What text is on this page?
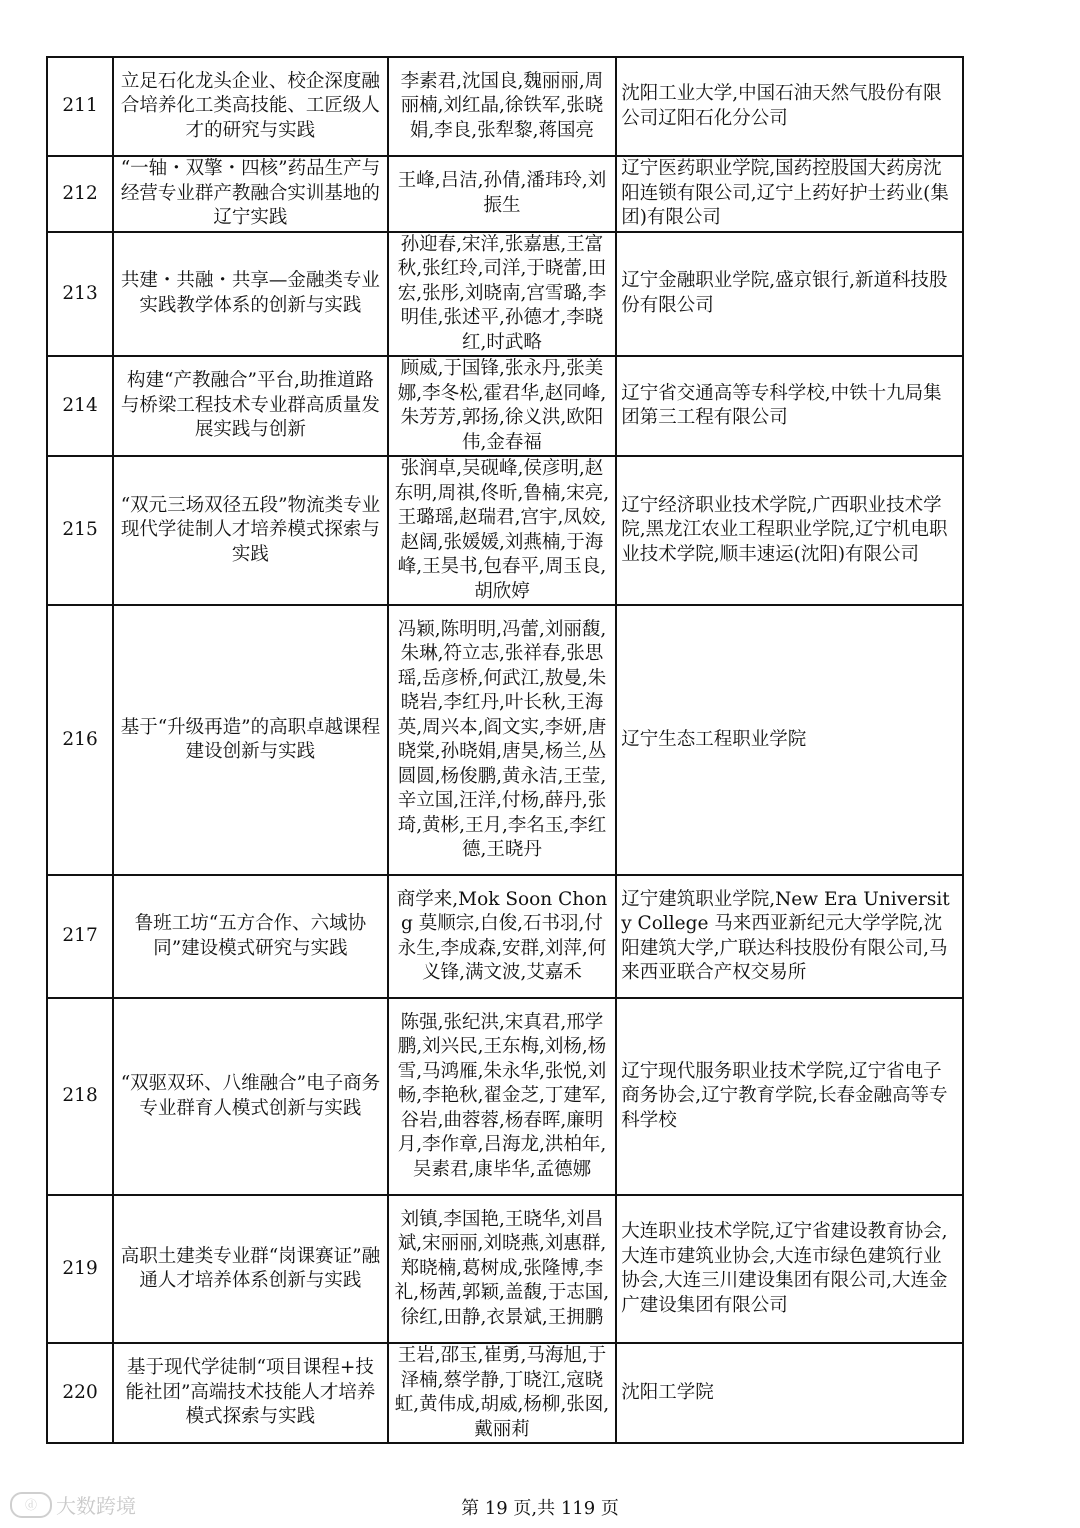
211	立足石化龙头企业、校企深度融合培养化工类高技能、工匠级人才的研究与实践	李素君,沈国良,魏丽丽,周丽楠,刘红晶,徐铁军,张晓娟,李良,张犁黎,蒋国亮	沈阳工业大学,中国石油天然气股份有限公司辽阳石化分公司
212	“一轴・双擎・四核”药品生产与经营专业群产教融合实训基地的辽宁实践	王峰,吕洁,孙倩,潘玮玲,刘振生	辽宁医药职业学院,国药控股国大药房沈阳连锁有限公司,辽宁上药好护士药业(集团)有限公司
213	共建・共融・共享—金融类专业实践教学体系的创新与实践	孙迎春,宋洋,张嘉惠,王富秋,张红玲,司洋,于晓蕾,田宏,张彤,刘晓南,宫雪璐,李明佳,张述平,孙德才,李晓红,时武略	辽宁金融职业学院,盛京银行,新道科技股份有限公司
214	构建“产教融合”平台,助推道路与桥梁工程技术专业群高质量发展实践与创新	顾威,于国锋,张永丹,张美娜,李冬松,霍君华,赵同峰,朱芳芳,郭扬,徐义洪,欧阳伟,金春福	辽宁省交通高等专科学校,中铁十九局集团第三工程有限公司
215	“双元三场双径五段”物流类专业现代学徒制人才培养模式探索与实践	张润卓,吴砚峰,侯彦明,赵东明,周祺,佟昕,鲁楠,宋亮,王璐瑶,赵瑞君,宫宇,凤姣,赵阔,张媛媛,刘燕楠,于海峰,王昊书,包春平,周玉良,胡欣婷	辽宁经济职业技术学院,广西职业技术学院,黑龙江农业工程职业学院,辽宁机电职业技术学院,顺丰速运(沈阳)有限公司
216	基于“升级再造”的高职卓越课程建设创新与实践	冯颖,陈明明,冯蕾,刘丽馥,朱琳,符立志,张祥春,张思瑶,岳彦桥,何武江,敖曼,朱晓岩,李红丹,叶长秋,王海英,周兴本,阎文实,李妍,唐晓棠,孙晓娟,唐昊,杨兰,丛圆圆,杨俊鹏,黄永洁,王莹,辛立国,汪洋,付杨,薛丹,张琦,黄彬,王月,李名玉,李红德,王晓丹	辽宁生态工程职业学院
217	鲁班工坊“五方合作、六域协同”建设模式研究与实践	商学来,Mok Soon Chong 莫顺宗,白俊,石书羽,付永生,李成森,安群,刘萍,何义锋,满文波,艾嘉禾	辽宁建筑职业学院,New Era University College 马来西亚新纪元大学学院,沈阳建筑大学,广联达科技股份有限公司,马来西亚联合产权交易所
218	“双驱双环、八维融合”电子商务专业群育人模式创新与实践	陈强,张纪洪,宋真君,邢学鹏,刘兴民,王东梅,刘杨,杨雪,马鸿雁,朱永华,张悦,刘畅,李艳秋,翟金芝,丁建军,谷岩,曲蓉蓉,杨春晖,廉明月,李作章,吕海龙,洪柏年,吴素君,康毕华,孟德娜	辽宁现代服务职业技术学院,辽宁省电子商务协会,辽宁教育学院,长春金融高等专科学校
219	高职土建类专业群“岗课赛证”融通人才培养体系创新与实践	刘镇,李国艳,王晓华,刘昌斌,宋丽丽,刘晓燕,刘惠群,郑晓楠,葛树成,张隆博,李礼,杨茜,郭颖,盖馥,于志国,徐红,田静,衣景斌,王拥鹏	大连职业技术学院,辽宁省建设教育协会,大连市建筑业协会,大连市绿色建筑行业协会,大连三川建设集团有限公司,大连金广建设集团有限公司
220	基于现代学徒制“项目课程+技能社团”高端技术技能人才培养模式探索与实践	王岩,邵玉,崔勇,马海旭,于泽楠,蔡学静,丁晓江,寇晓虹,黄伟成,胡威,杨柳,张囡,戴丽莉	沈阳工学院
ⓓ 大数跨境	第 19 页,共 119 页
